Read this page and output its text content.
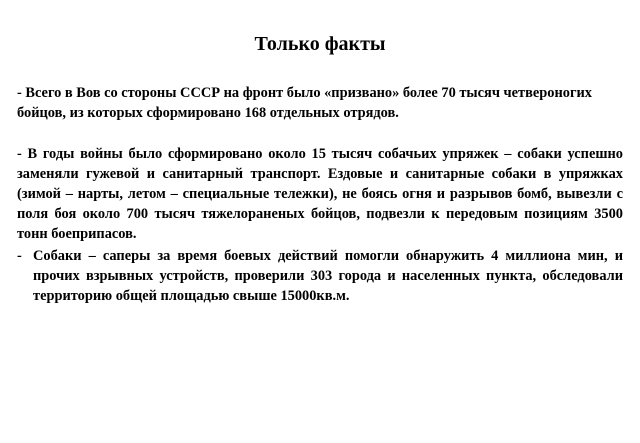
Только факты

- Всего в Вов со стороны СССР на фронт было «призвано» более 70 тысяч четвероногих бойцов, из которых сформировано 168 отдельных отрядов.

- В годы войны было сформировано около 15 тысяч собачьих упряжек – собаки успешно заменяли гужевой и санитарный транспорт. Ездовые и санитарные собаки в упряжках (зимой – нарты, летом – специальные тележки), не боясь огня и разрывов бомб, вывезли с поля боя около 700 тысяч тяжелораненых бойцов, подвезли к передовым позициям 3500 тонн боеприпасов.

- Собаки – саперы за время боевых действий помогли обнаружить 4 миллиона мин, и прочих взрывных устройств, проверили 303 города и населенных пункта, обследовали территорию общей площадью свыше 15000кв.м.
